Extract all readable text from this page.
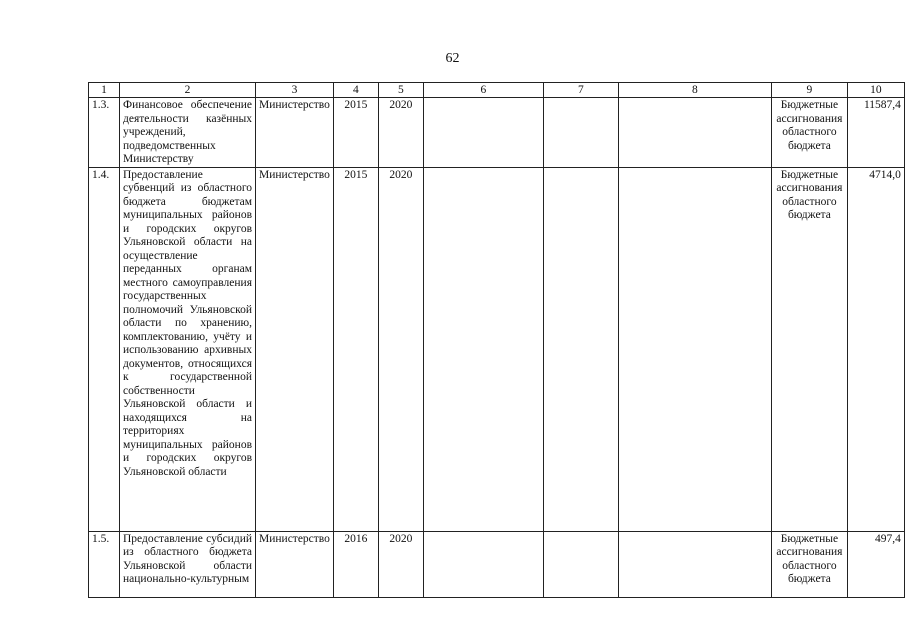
62
1	2	3	4	5	6	7	8	9	10
1.3.	Финансовое обеспечение деятельности казённых учреждений, подведомственных Министерству	Министерство	2015	2020				Бюджетные ассигнования областного бюджета	11587,4
1.4.	Предоставление субвенций из областного бюджета бюджетам муниципальных районов и городских округов Ульяновской области на осуществление переданных органам местного самоуправления государственных полномочий Ульяновской области по хранению, комплектованию, учёту и использованию архивных документов, относящихся к государственной собственности Ульяновской области и находящихся на территориях муниципальных районов и городских округов Ульяновской области	Министерство	2015	2020				Бюджетные ассигнования областного бюджета	4714,0
1.5.	Предоставление субсидий из областного бюджета Ульяновской области национально-культурным	Министерство	2016	2020				Бюджетные ассигнования областного бюджета	497,4
